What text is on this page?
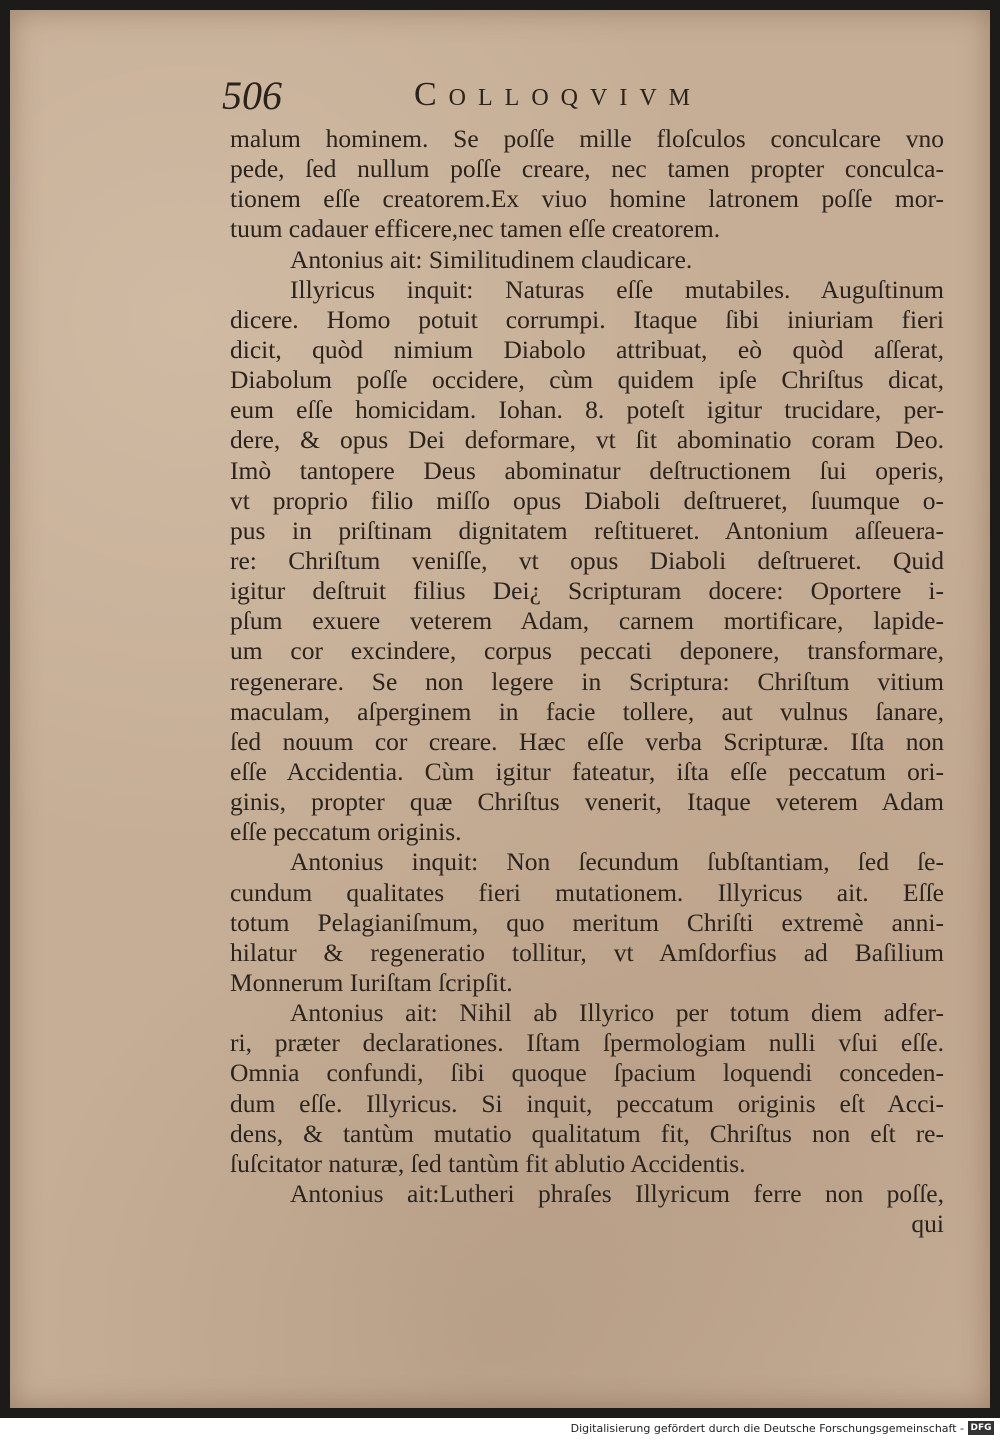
506	Colloqvivm
malum hominem. Se poſſe mille floſculos conculcare vno
pede, ſed nullum poſſe creare, nec tamen propter conculca-
tionem eſſe creatorem.Ex viuo homine latronem poſſe mor-
tuum cadauer efficere,nec tamen eſſe creatorem.
Antonius ait: Similitudinem claudicare.
Illyricus inquit: Naturas eſſe mutabiles. Auguſtinum
dicere. Homo potuit corrumpi. Itaque ſibi iniuriam fieri
dicit, quòd nimium Diabolo attribuat, eò quòd aſſerat,
Diabolum poſſe occidere, cùm quidem ipſe Chriſtus dicat,
eum eſſe homicidam. Iohan. 8. poteſt igitur trucidare, per-
dere, & opus Dei deformare, vt ſit abominatio coram Deo.
Imò tantopere Deus abominatur deſtructionem ſui operis,
vt proprio filio miſſo opus Diaboli deſtrueret, ſuumque o-
pus in priſtinam dignitatem reſtitueret. Antonium aſſeuera-
re: Chriſtum veniſſe, vt opus Diaboli deſtrueret. Quid
igitur deſtruit filius Dei¿ Scripturam docere: Oportere i-
pſum exuere veterem Adam, carnem mortificare, lapide-
um cor excindere, corpus peccati deponere, transformare,
regenerare. Se non legere in Scriptura: Chriſtum vitium
maculam, aſperginem in facie tollere, aut vulnus ſanare,
ſed nouum cor creare. Hæc eſſe verba Scripturæ. Iſta non
eſſe Accidentia. Cùm igitur fateatur, iſta eſſe peccatum ori-
ginis, propter quæ Chriſtus venerit, Itaque veterem Adam
eſſe peccatum originis.
Antonius inquit: Non ſecundum ſubſtantiam, ſed ſe-
cundum qualitates fieri mutationem. Illyricus ait. Eſſe
totum Pelagianiſmum, quo meritum Chriſti extremè anni-
hilatur & regeneratio tollitur, vt Amſdorfius ad Baſilium
Monnerum Iuriſtam ſcripſit.
Antonius ait: Nihil ab Illyrico per totum diem adfer-
ri, præter declarationes. Iſtam ſpermologiam nulli vſui eſſe.
Omnia confundi, ſibi quoque ſpacium loquendi conceden-
dum eſſe. Illyricus. Si inquit, peccatum originis eſt Acci-
dens, & tantùm mutatio qualitatum fit, Chriſtus non eſt re-
ſuſcitator naturæ, ſed tantùm fit ablutio Accidentis.
Antonius ait:Lutheri phraſes Illyricum ferre non poſſe,
qui
Digitalisierung gefördert durch die Deutsche Forschungsgemeinschaft - DFG
